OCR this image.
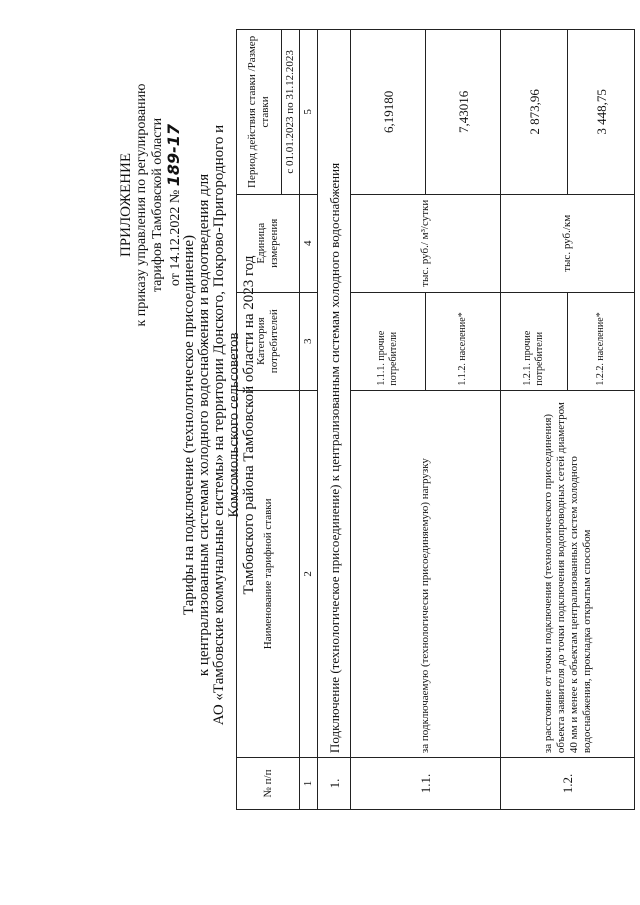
ПРИЛОЖЕНИЕ к приказу управления по регулированию тарифов Тамбовской области от 14.12.2022 № 189-17
Тарифы на подключение (технологическое присоединение) к централизованным системам холодного водоснабжения и водоотведения для АО «Тамбовские коммунальные системы» на территории Донского, Покрово-Пригородного и Комсомольского сельсоветов Тамбовского района Тамбовской области на 2023 год
№ п/п	Наименование тарифной ставки	Категория потребителей	Единица измерения	Период действия ставки /Размер ставки
				с 01.01.2023 по 31.12.2023
1	2	3	4	5
1.	Подключение (технологическое присоединение) к централизованным системам холодного водоснабжения			
1.1.	за подключаемую (технологически присоединяемую) нагрузку	1.1.1. прочие потребители	тыс. руб./ м³/сутки	6,19180
		1.1.2. население*		7,43016
1.2.	за расстояние от точки подключения (технологического присоединения) объекта заявителя до точки подключения водопроводных сетей диаметром 40 мм и менее к объектам централизованных систем холодного водоснабжения, прокладка открытым способом	1.2.1. прочие потребители	тыс. руб./км	2 873,96
		1.2.2. население*		3 448,75
